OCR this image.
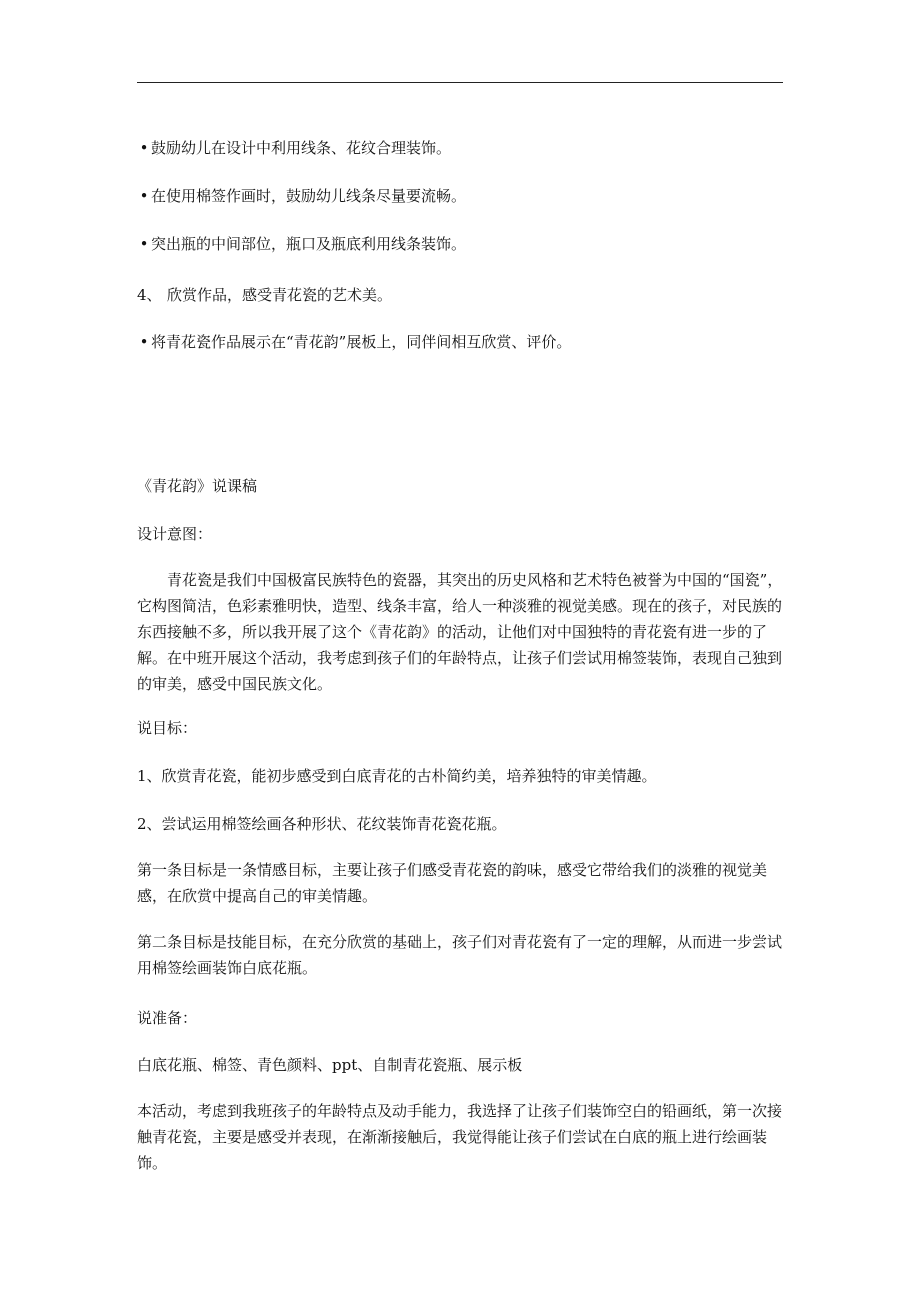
• 鼓励幼儿在设计中利用线条、花纹合理装饰。
• 在使用棉签作画时，鼓励幼儿线条尽量要流畅。
• 突出瓶的中间部位，瓶口及瓶底利用线条装饰。
4、 欣赏作品，感受青花瓷的艺术美。
• 将青花瓷作品展示在“青花韵”展板上，同伴间相互欣赏、评价。
《青花韵》说课稿
设计意图：
青花瓷是我们中国极富民族特色的瓷器，其突出的历史风格和艺术特色被誉为中国的“国瓷”，它构图简洁，色彩素雅明快，造型、线条丰富，给人一种淡雅的视觉美感。现在的孩子，对民族的东西接触不多，所以我开展了这个《青花韵》的活动，让他们对中国独特的青花瓷有进一步的了解。在中班开展这个活动，我考虑到孩子们的年龄特点，让孩子们尝试用棉签装饰，表现自己独到的审美，感受中国民族文化。
说目标：
1、欣赏青花瓷，能初步感受到白底青花的古朴简约美，培养独特的审美情趣。
2、尝试运用棉签绘画各种形状、花纹装饰青花瓷花瓶。
第一条目标是一条情感目标，主要让孩子们感受青花瓷的韵味，感受它带给我们的淡雅的视觉美感，在欣赏中提高自己的审美情趣。
第二条目标是技能目标，在充分欣赏的基础上，孩子们对青花瓷有了一定的理解，从而进一步尝试用棉签绘画装饰白底花瓶。
说准备：
白底花瓶、棉签、青色颜料、ppt、自制青花瓷瓶、展示板
本活动，考虑到我班孩子的年龄特点及动手能力，我选择了让孩子们装饰空白的铅画纸，第一次接触青花瓷，主要是感受并表现，在渐渐接触后，我觉得能让孩子们尝试在白底的瓶上进行绘画装饰。
